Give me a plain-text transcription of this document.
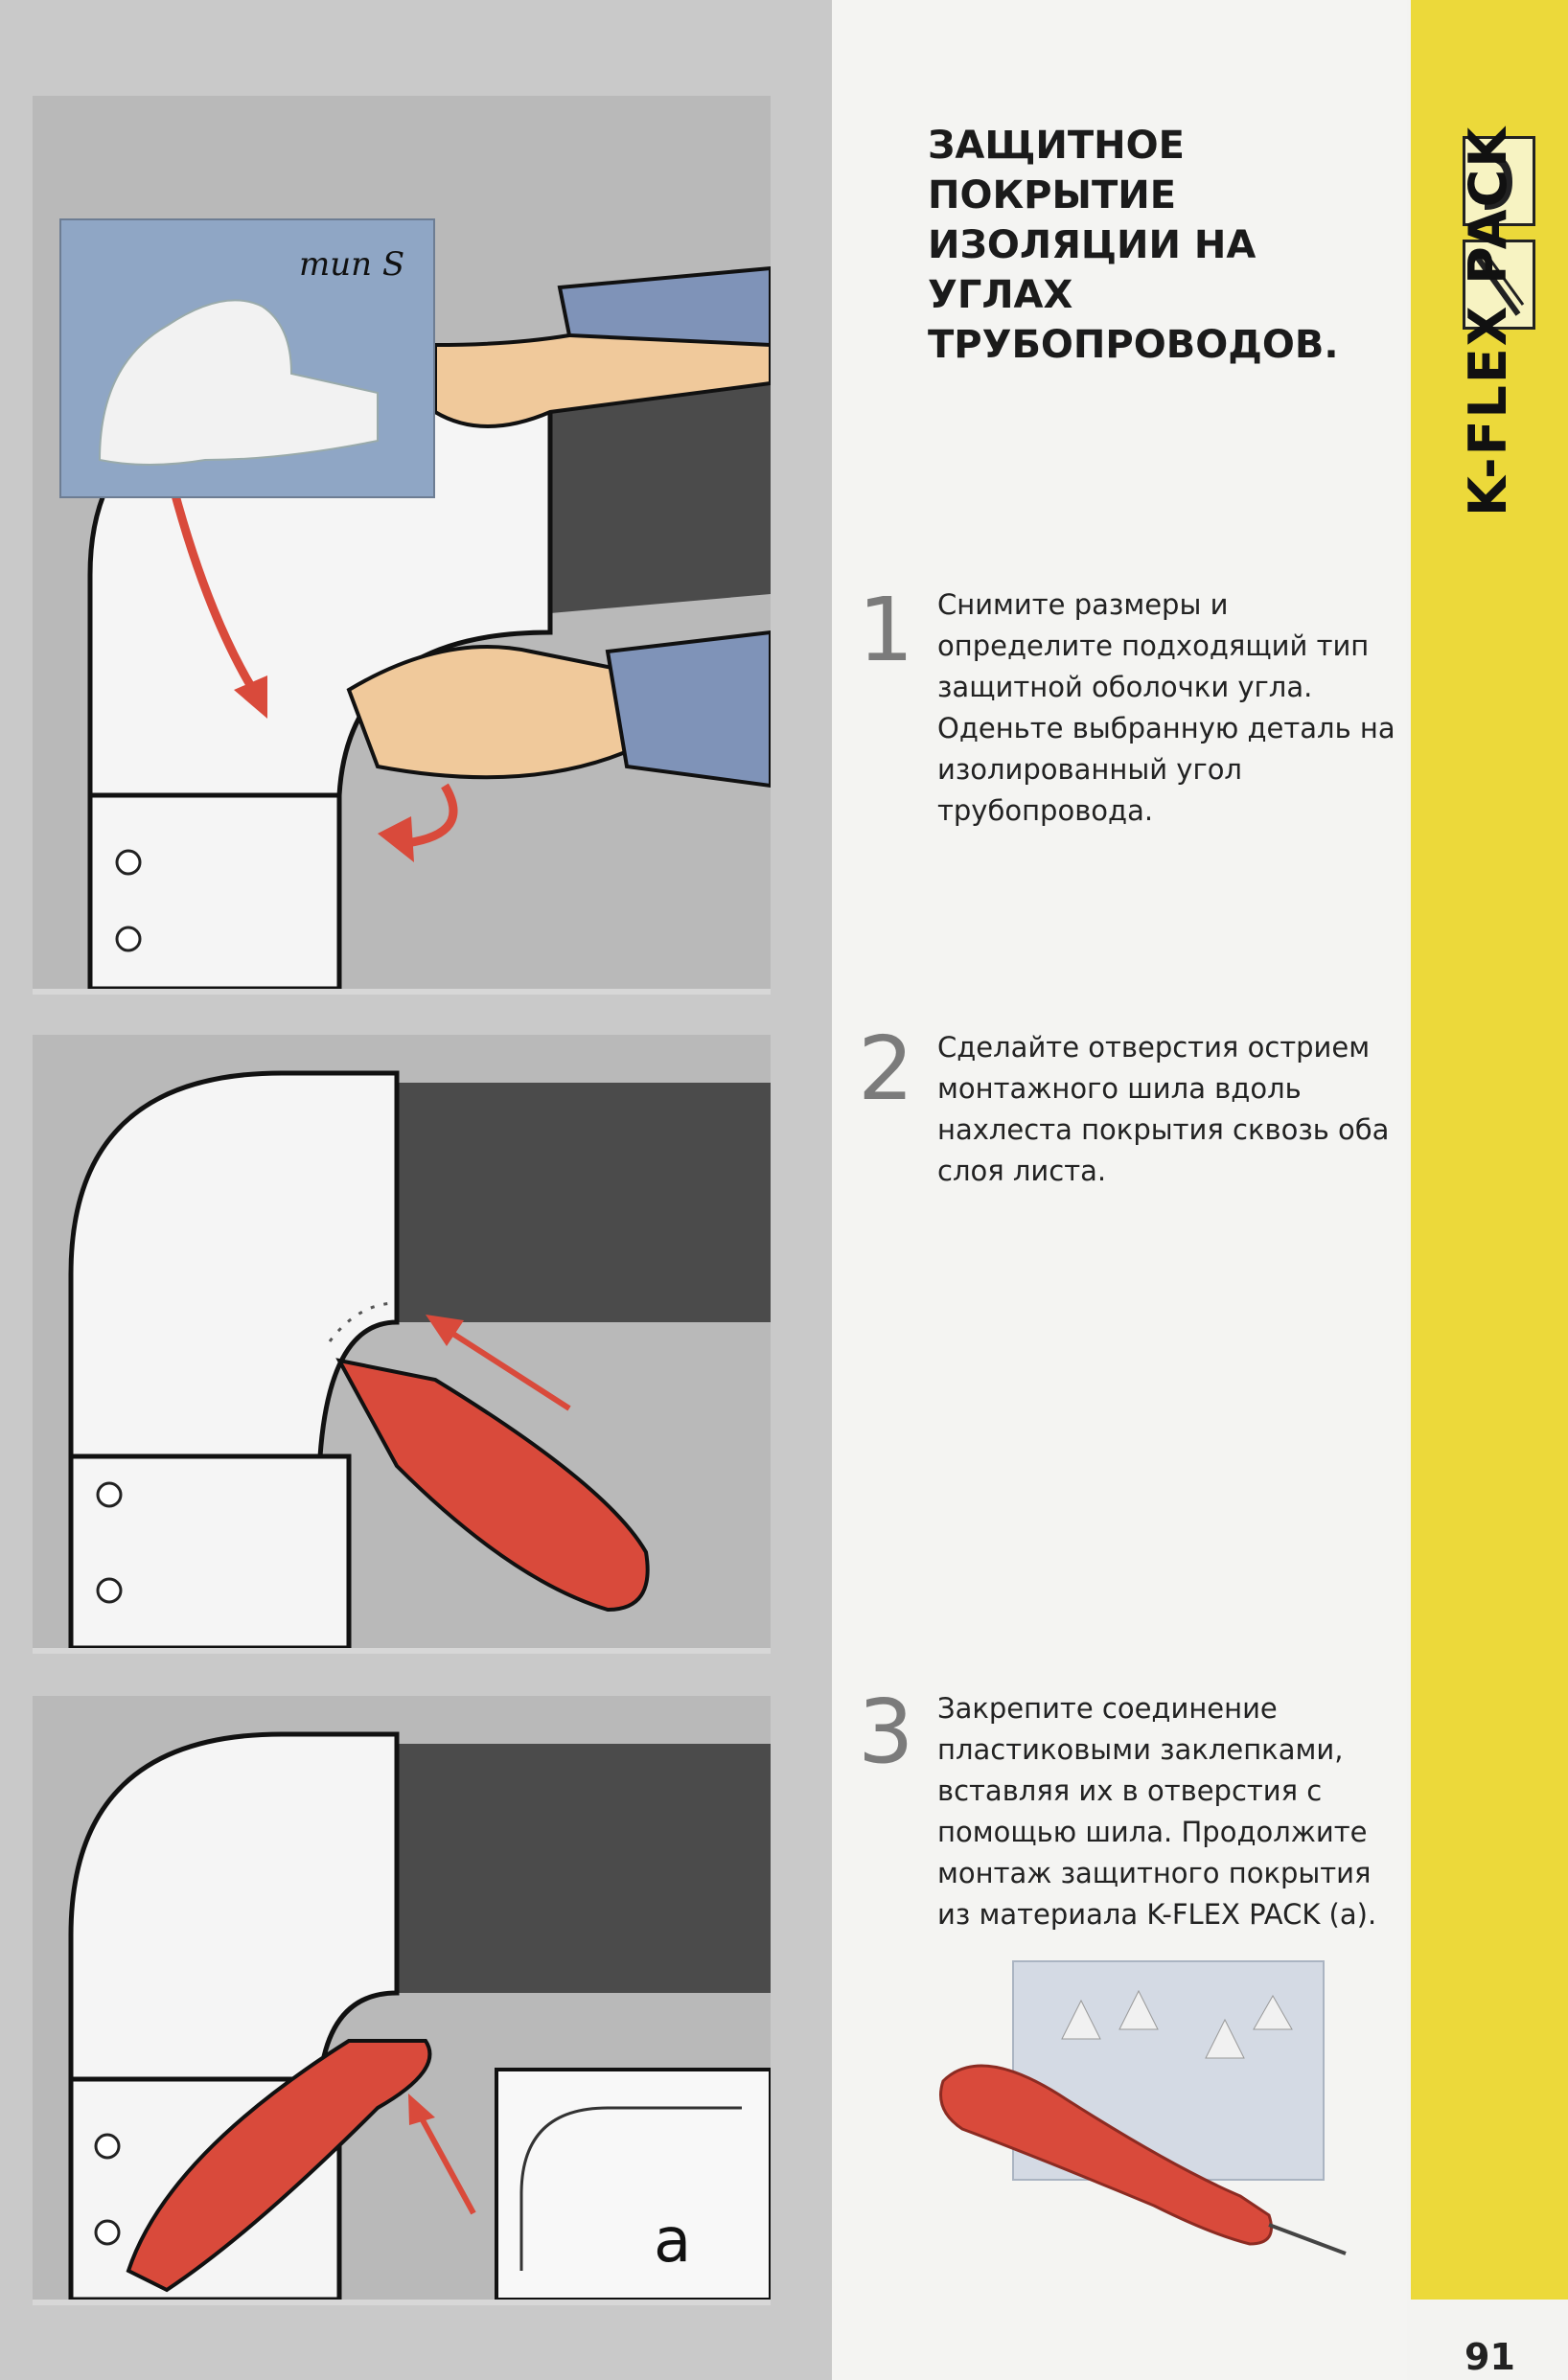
mun S
a
ЗАЩИТНОЕ ПОКРЫТИЕ ИЗОЛЯЦИИ НА УГЛАХ ТРУБОПРОВОДОВ.
1 Снимите размеры и определите подходящий тип защитной оболочки угла. Оденьте выбранную деталь на изолированный угол трубопровода.
2 Сделайте отверстия острием монтажного шила вдоль нахлеста покрытия сквозь оба слоя листа.
3 Закрепите соединение пластиковыми заклепками, вставляя их в отверстия с помощью шила. Продолжите монтаж защитного покрытия из материала K-FLEX PACK (a).
K-FLEX
91
